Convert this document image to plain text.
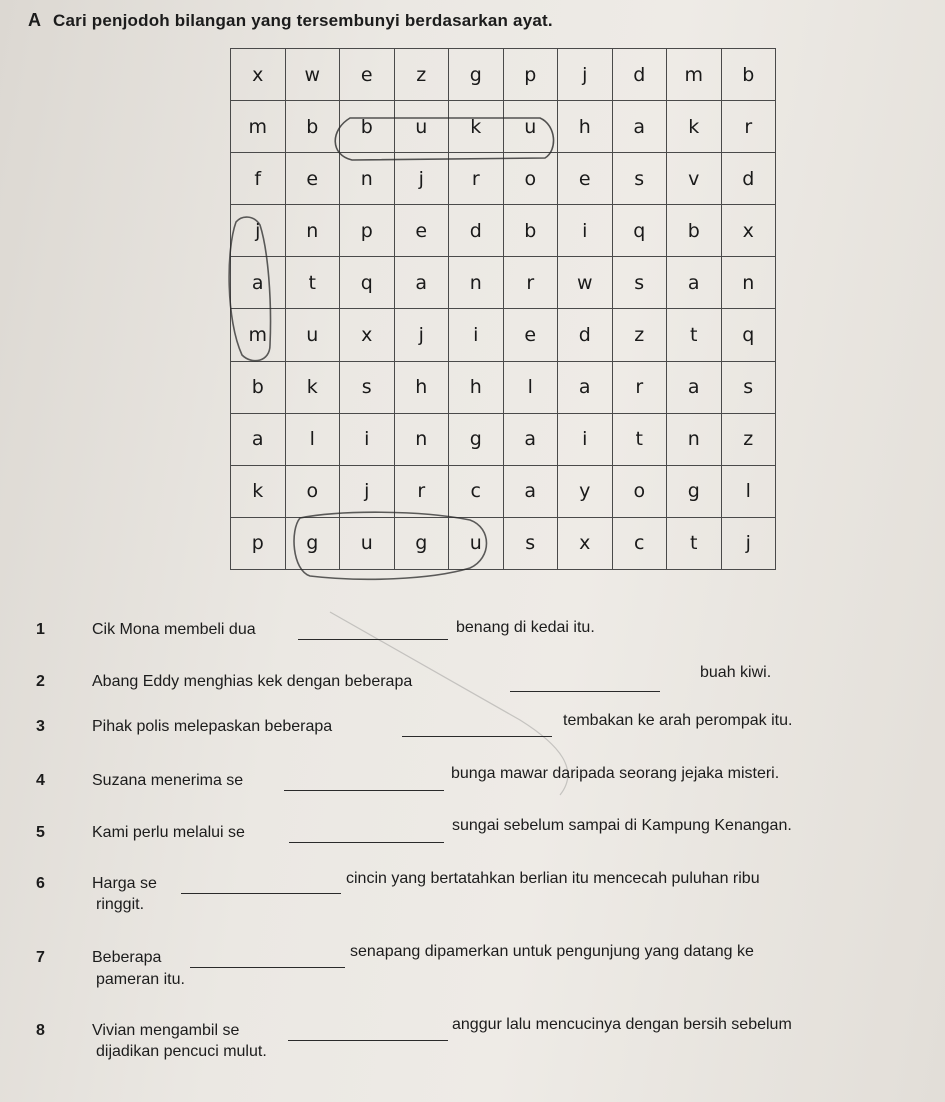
A Cari penjodoh bilangan yang tersembunyi berdasarkan ayat.
x	w	e	z	g	p	j	d	m	b
m	b	b	u	k	u	h	a	k	r
f	e	n	j	r	o	e	s	v	d
j	n	p	e	d	b	i	q	b	x
a	t	q	a	n	r	w	s	a	n
m	u	x	j	i	e	d	z	t	q
b	k	s	h	h	l	a	r	a	s
a	l	i	n	g	a	i	t	n	z
k	o	j	r	c	a	y	o	g	l
p	g	u	g	u	s	x	c	t	j
1	Cik Mona membeli dua	benang di kedai itu.
2	Abang Eddy menghias kek dengan beberapa
buah kiwi.
3	Pihak polis melepaskan beberapa	tembakan ke arah perompak itu.
4	Suzana menerima se	bunga mawar daripada seorang jejaka misteri.
5	Kami perlu melalui se	sungai sebelum sampai di Kampung Kenangan.
6	Harga se	cincin yang bertatahkan berlian itu mencecah puluhan ribu
ringgit.
7	Beberapa	senapang dipamerkan untuk pengunjung yang datang ke
pameran itu.
8	Vivian mengambil se	anggur lalu mencucinya dengan bersih sebelum
dijadikan pencuci mulut.
